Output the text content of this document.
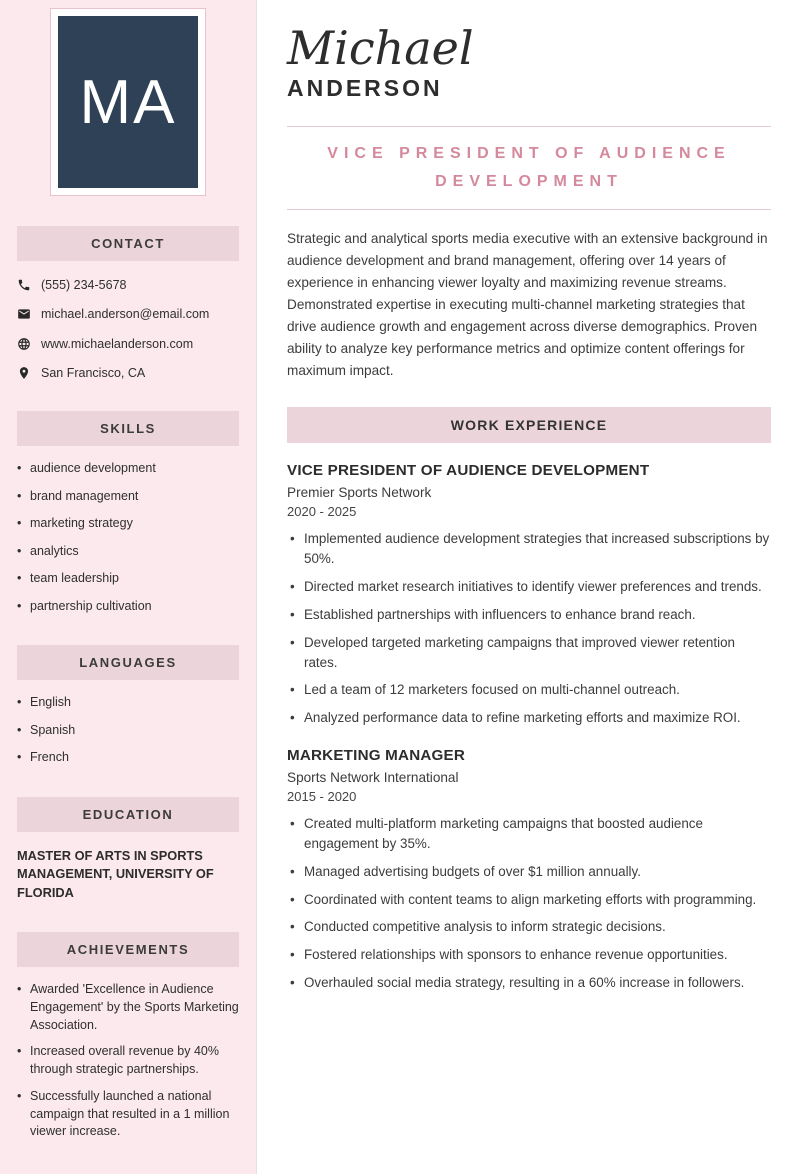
MA
CONTACT
(555) 234-5678
michael.anderson@email.com
www.michaelanderson.com
San Francisco, CA
SKILLS
• audience development
• brand management
• marketing strategy
• analytics
• team leadership
• partnership cultivation
LANGUAGES
• English
• Spanish
• French
EDUCATION
MASTER OF ARTS IN SPORTS MANAGEMENT, UNIVERSITY OF FLORIDA
ACHIEVEMENTS
• Awarded 'Excellence in Audience Engagement' by the Sports Marketing Association.
• Increased overall revenue by 40% through strategic partnerships.
• Successfully launched a national campaign that resulted in a 1 million viewer increase.
Michael
ANDERSON
VICE PRESIDENT OF AUDIENCE DEVELOPMENT

Strategic and analytical sports media executive with an extensive background in audience development and brand management, offering over 14 years of experience in enhancing viewer loyalty and maximizing revenue streams. Demonstrated expertise in executing multi-channel marketing strategies that drive audience growth and engagement across diverse demographics. Proven ability to analyze key performance metrics and optimize content offerings for maximum impact.

WORK EXPERIENCE
VICE PRESIDENT OF AUDIENCE DEVELOPMENT
Premier Sports Network
2020 - 2025
• Implemented audience development strategies that increased subscriptions by 50%.
• Directed market research initiatives to identify viewer preferences and trends.
• Established partnerships with influencers to enhance brand reach.
• Developed targeted marketing campaigns that improved viewer retention rates.
• Led a team of 12 marketers focused on multi-channel outreach.
• Analyzed performance data to refine marketing efforts and maximize ROI.
MARKETING MANAGER
Sports Network International
2015 - 2020
• Created multi-platform marketing campaigns that boosted audience engagement by 35%.
• Managed advertising budgets of over $1 million annually.
• Coordinated with content teams to align marketing efforts with programming.
• Conducted competitive analysis to inform strategic decisions.
• Fostered relationships with sponsors to enhance revenue opportunities.
• Overhauled social media strategy, resulting in a 60% increase in followers.
